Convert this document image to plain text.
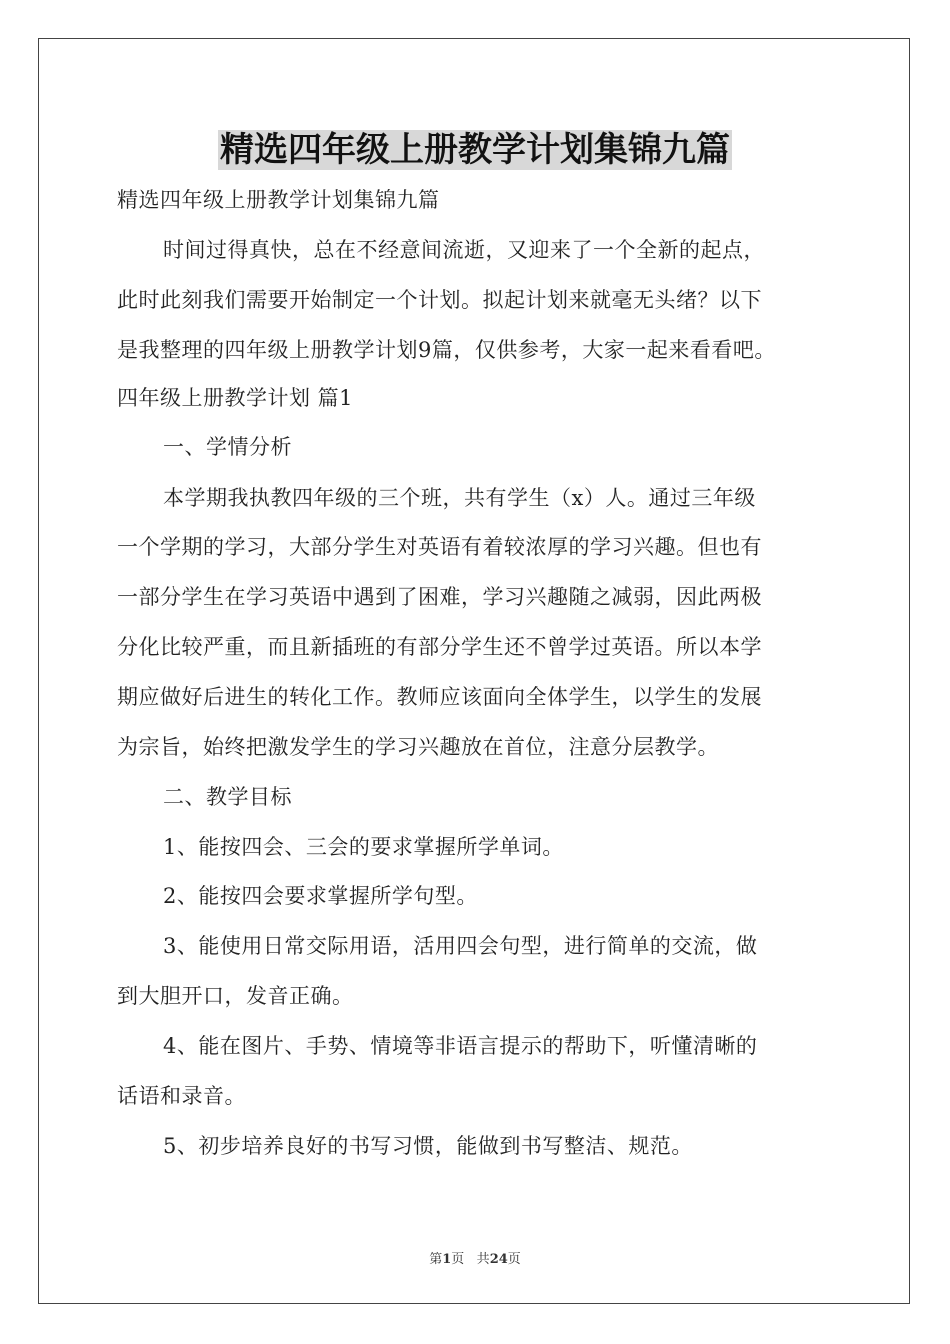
精选四年级上册教学计划集锦九篇

精选四年级上册教学计划集锦九篇

时间过得真快，总在不经意间流逝，又迎来了一个全新的起点，

此时此刻我们需要开始制定一个计划。拟起计划来就毫无头绪？以下

是我整理的四年级上册教学计划9篇，仅供参考，大家一起来看看吧。

四年级上册教学计划 篇1

一、学情分析

本学期我执教四年级的三个班，共有学生（x）人。通过三年级

一个学期的学习，大部分学生对英语有着较浓厚的学习兴趣。但也有

一部分学生在学习英语中遇到了困难，学习兴趣随之减弱，因此两极

分化比较严重，而且新插班的有部分学生还不曾学过英语。所以本学

期应做好后进生的转化工作。教师应该面向全体学生，以学生的发展

为宗旨，始终把激发学生的学习兴趣放在首位，注意分层教学。

二、教学目标

1、能按四会、三会的要求掌握所学单词。

2、能按四会要求掌握所学句型。

3、能使用日常交际用语，活用四会句型，进行简单的交流，做

到大胆开口，发音正确。

4、能在图片、手势、情境等非语言提示的帮助下，听懂清晰的

话语和录音。

5、初步培养良好的书写习惯，能做到书写整洁、规范。

第1页 共24页
